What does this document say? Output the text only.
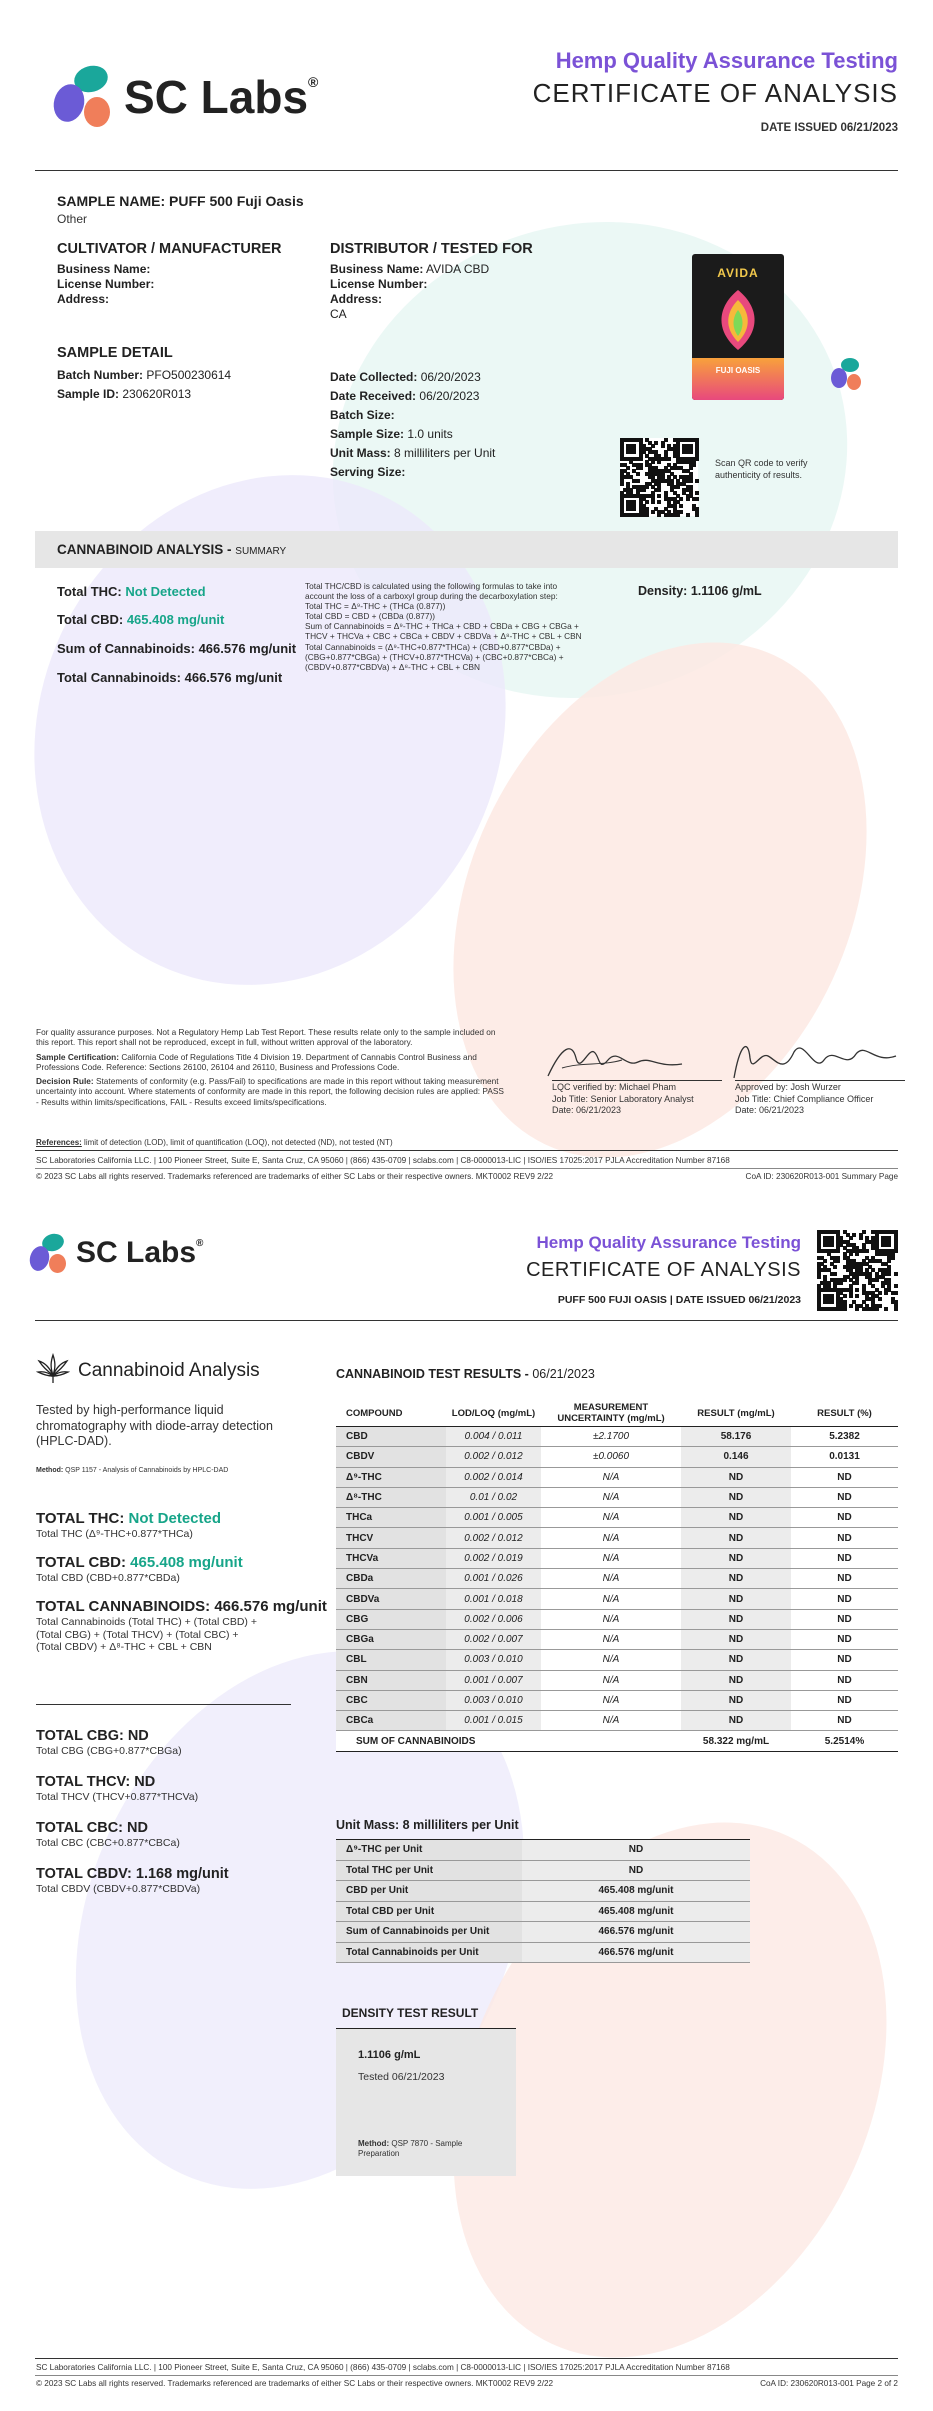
SC Labs®
Hemp Quality Assurance Testing
CERTIFICATE OF ANALYSIS
DATE ISSUED 06/21/2023
SAMPLE NAME: PUFF 500 Fuji Oasis
Other
CULTIVATOR / MANUFACTURER
Business Name:
License Number:
Address:
DISTRIBUTOR / TESTED FOR
Business Name: AVIDA CBD
License Number:
Address:
CA
SAMPLE DETAIL
Batch Number: PFO500230614
Sample ID: 230620R013
Date Collected: 06/20/2023
Date Received: 06/20/2023
Batch Size:
Sample Size: 1.0 units
Unit Mass: 8 milliliters per Unit
Serving Size:
AVIDA
FUJI OASIS
Scan QR code to verify authenticity of results.
CANNABINOID ANALYSIS - SUMMARY
Total THC: Not Detected
Total CBD: 465.408 mg/unit
Sum of Cannabinoids: 466.576 mg/unit
Total Cannabinoids: 466.576 mg/unit
Total THC/CBD is calculated using the following formulas to take into
account the loss of a carboxyl group during the decarboxylation step:
Total THC = Δ⁹-THC + (THCa (0.877))
Total CBD = CBD + (CBDa (0.877))
Sum of Cannabinoids = Δ⁹-THC + THCa + CBD + CBDa + CBG + CBGa +
THCV + THCVa + CBC + CBCa + CBDV + CBDVa + Δ⁸-THC + CBL + CBN
Total Cannabinoids = (Δ⁹-THC+0.877*THCa) + (CBD+0.877*CBDa) +
(CBG+0.877*CBGa) + (THCV+0.877*THCVa) + (CBC+0.877*CBCa) +
(CBDV+0.877*CBDVa) + Δ⁸-THC + CBL + CBN
Density: 1.1106 g/mL
For quality assurance purposes. Not a Regulatory Hemp Lab Test Report. These results relate only to the sample included on this report. This report shall not be reproduced, except in full, without written approval of the laboratory.
Sample Certification: California Code of Regulations Title 4 Division 19. Department of Cannabis Control Business and Professions Code. Reference: Sections 26100, 26104 and 26110, Business and Professions Code.
Decision Rule: Statements of conformity (e.g. Pass/Fail) to specifications are made in this report without taking measurement uncertainty into account. Where statements of conformity are made in this report, the following decision rules are applied: PASS - Results within limits/specifications, FAIL - Results exceed limits/specifications.
References: limit of detection (LOD), limit of quantification (LOQ), not detected (ND), not tested (NT)
LQC verified by: Michael Pham
Job Title: Senior Laboratory Analyst
Date: 06/21/2023
Approved by: Josh Wurzer
Job Title: Chief Compliance Officer
Date: 06/21/2023
SC Laboratories California LLC. | 100 Pioneer Street, Suite E, Santa Cruz, CA 95060 | (866) 435-0709 | sclabs.com | C8-0000013-LIC | ISO/IES 17025:2017 PJLA Accreditation Number 87168
© 2023 SC Labs all rights reserved. Trademarks referenced are trademarks of either SC Labs or their respective owners. MKT0002 REV9 2/22	CoA ID: 230620R013-001 Summary Page
SC Labs®	Hemp Quality Assurance Testing
CERTIFICATE OF ANALYSIS
PUFF 500 FUJI OASIS | DATE ISSUED 06/21/2023
Cannabinoid Analysis
Tested by high-performance liquid chromatography with diode-array detection (HPLC-DAD).
Method: QSP 1157 - Analysis of Cannabinoids by HPLC-DAD
TOTAL THC: Not Detected
Total THC (Δ⁹-THC+0.877*THCa)
TOTAL CBD: 465.408 mg/unit
Total CBD (CBD+0.877*CBDa)
TOTAL CANNABINOIDS: 466.576 mg/unit
Total Cannabinoids (Total THC) + (Total CBD) +
(Total CBG) + (Total THCV) + (Total CBC) +
(Total CBDV) + Δ⁸-THC + CBL + CBN
TOTAL CBG: ND
Total CBG (CBG+0.877*CBGa)
TOTAL THCV: ND
Total THCV (THCV+0.877*THCVa)
TOTAL CBC: ND
Total CBC (CBC+0.877*CBCa)
TOTAL CBDV: 1.168 mg/unit
Total CBDV (CBDV+0.877*CBDVa)
CANNABINOID TEST RESULTS - 06/21/2023
COMPOUND	LOD/LOQ (mg/mL)	MEASUREMENT UNCERTAINTY (mg/mL)	RESULT (mg/mL)	RESULT (%)
CBD	0.004 / 0.011	±2.1700	58.176	5.2382
CBDV	0.002 / 0.012	±0.0060	0.146	0.0131
Δ⁹-THC	0.002 / 0.014	N/A	ND	ND
Δ⁸-THC	0.01 / 0.02	N/A	ND	ND
THCa	0.001 / 0.005	N/A	ND	ND
THCV	0.002 / 0.012	N/A	ND	ND
THCVa	0.002 / 0.019	N/A	ND	ND
CBDa	0.001 / 0.026	N/A	ND	ND
CBDVa	0.001 / 0.018	N/A	ND	ND
CBG	0.002 / 0.006	N/A	ND	ND
CBGa	0.002 / 0.007	N/A	ND	ND
CBL	0.003 / 0.010	N/A	ND	ND
CBN	0.001 / 0.007	N/A	ND	ND
CBC	0.003 / 0.010	N/A	ND	ND
CBCa	0.001 / 0.015	N/A	ND	ND
SUM OF CANNABINOIDS			58.322 mg/mL	5.2514%
Unit Mass: 8 milliliters per Unit
Δ⁹-THC per Unit	ND
Total THC per Unit	ND
CBD per Unit	465.408 mg/unit
Total CBD per Unit	465.408 mg/unit
Sum of Cannabinoids per Unit	466.576 mg/unit
Total Cannabinoids per Unit	466.576 mg/unit
DENSITY TEST RESULT
1.1106 g/mL
Tested 06/21/2023
Method: QSP 7870 - Sample Preparation
SC Laboratories California LLC. | 100 Pioneer Street, Suite E, Santa Cruz, CA 95060 | (866) 435-0709 | sclabs.com | C8-0000013-LIC | ISO/IES 17025:2017 PJLA Accreditation Number 87168
© 2023 SC Labs all rights reserved. Trademarks referenced are trademarks of either SC Labs or their respective owners. MKT0002 REV9 2/22	CoA ID: 230620R013-001 Page 2 of 2
